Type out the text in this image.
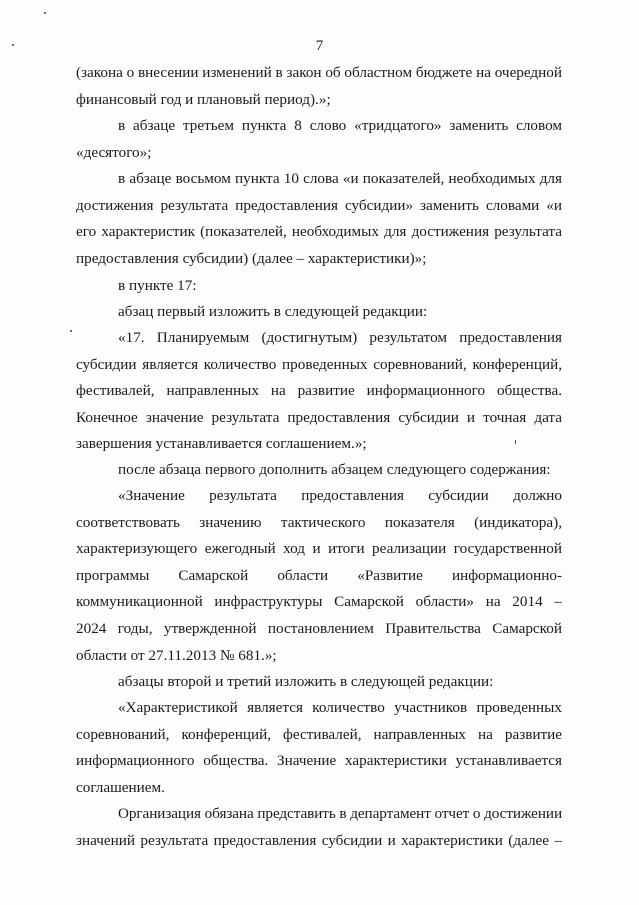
7
(закона о внесении изменений в закон об областном бюджете на очередной
финансовый год и плановый период).»;
в абзаце третьем пункта 8 слово «тридцатого» заменить словом
«десятого»;
в абзаце восьмом пункта 10 слова «и показателей, необходимых для
достижения результата предоставления субсидии» заменить словами «и
его характеристик (показателей, необходимых для достижения результата
предоставления субсидии) (далее – характеристики)»;
в пункте 17:
абзац первый изложить в следующей редакции:
«17. Планируемым (достигнутым) результатом предоставления
субсидии является количество проведенных соревнований, конференций,
фестивалей, направленных на развитие информационного общества.
Конечное значение результата предоставления субсидии и точная дата
завершения устанавливается соглашением.»;
после абзаца первого дополнить абзацем следующего содержания:
«Значение результата предоставления субсидии должно
соответствовать значению тактического показателя (индикатора),
характеризующего ежегодный ход и итоги реализации государственной
программы Самарской области «Развитие информационно-
коммуникационной инфраструктуры Самарской области» на 2014 –
2024 годы, утвержденной постановлением Правительства Самарской
области от 27.11.2013 № 681.»;
абзацы второй и третий изложить в следующей редакции:
«Характеристикой является количество участников проведенных
соревнований, конференций, фестивалей, направленных на развитие
информационного общества. Значение характеристики устанавливается
соглашением.
Организация обязана представить в департамент отчет о достижении
значений результата предоставления субсидии и характеристики (далее –
